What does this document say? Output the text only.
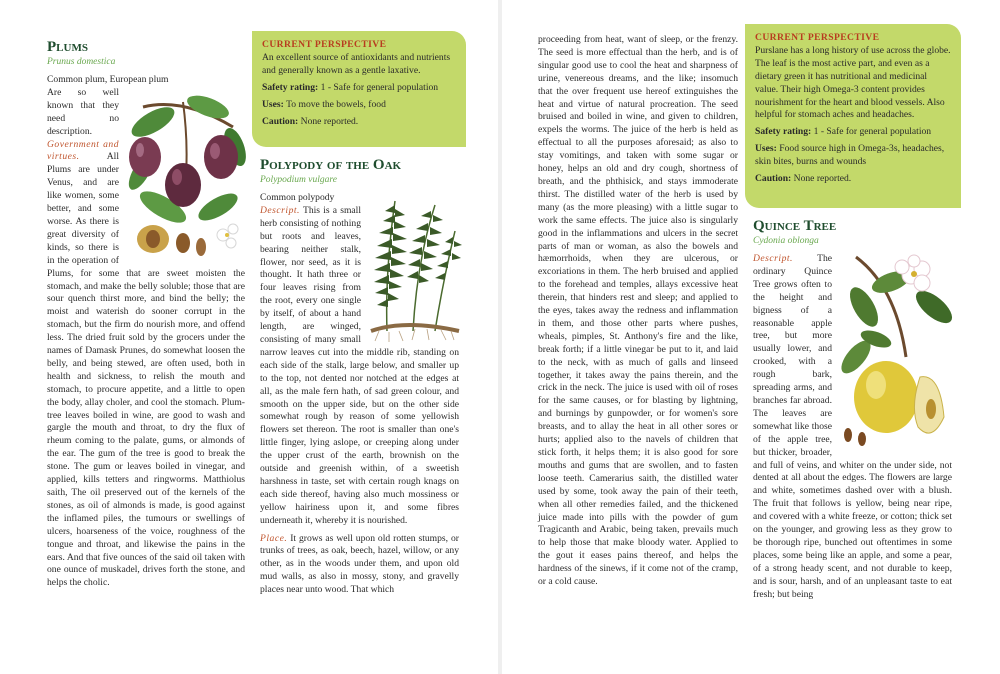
Plums
Prunus domestica

Common plum, European plum

Are so well known that they need no description.
Government and virtues.	All Plums are under Venus, and are like women, some better, and some worse. As there is great diversity of kinds, so there is in the operation of Plums, for some that are sweet moisten the stomach, and make the belly soluble; those that are sour quench thirst more, and bind the belly; the moist and waterish do sooner corrupt in the stomach, but the firm do nourish more, and offend less. The dried fruit sold by the grocers under the names of Damask Prunes, do somewhat loosen the belly, and being stewed, are often used, both in health and sickness, to relish the mouth and stomach, to procure appetite, and a little to open the body, allay choler, and cool the stomach. Plum-tree leaves boiled in wine, are good to wash and gargle the mouth and throat, to dry the flux of rheum coming to the palate, gums, or almonds of the ear. The gum of the tree is good to break the stone. The gum or leaves boiled in vinegar, and applied, kills tetters and ringworms. Matthiolus saith, The oil preserved out of the kernels of the stones, as oil of almonds is made, is good against the inflamed piles, the tumours or swellings of ulcers, hoarseness of the voice, roughness of the tongue and throat, and likewise the pains in the ears. And that five ounces of the said oil taken with one ounce of muskadel, drives forth the stone, and helps the cholic.

CURRENT PERSPECTIVE

An excellent source of antioxidants and nutrients and generally known as a gentle laxative.

Safety rating: 1 - Safe for general population

Uses: To move the bowels, food

Caution: None reported.

Polypody of the Oak
Polypodium vulgare

Common polypody

Descript. This is a small herb consisting of nothing but roots and leaves, bearing neither stalk, flower, nor seed, as it is thought. It hath three or four leaves rising from the root, every one single by itself, of about a hand length, are winged, consisting of many small narrow leaves cut into the middle rib, standing on each side of the stalk, large below, and smaller up to the top, not dented nor notched at the edges at all, as the male fern hath, of sad green colour, and smooth on the upper side, but on the other side somewhat rough by reason of some yellowish flowers set thereon. The root is smaller than one's little finger, lying aslope, or creeping along under the upper crust of the earth, brownish on the outside and greenish within, of a sweetish harshness in taste, set with certain rough knags on each side thereof, having also much mossiness or yellow hairiness upon it, and some fibres underneath it, whereby it is nourished.

Place. It grows as well upon old rotten stumps, or trunks of trees, as oak, beech, hazel, willow, or any other, as in the woods under them, and upon old mud walls, as also in mossy, stony, and gravelly places near unto wood. That which

proceeding from heat, want of sleep, or the frenzy. The seed is more effectual than the herb, and is of singular good use to cool the heat and sharpness of urine, venereous dreams, and the like; insomuch that the over frequent use hereof extinguishes the heat and virtue of natural procreation. The seed bruised and boiled in wine, and given to children, expels the worms. The juice of the herb is held as effectual to all the purposes aforesaid; as also to stay vomitings, and taken with some sugar or honey, helps an old and dry cough, shortness of breath, and the phthisick, and stays immoderate thirst. The distilled water of the herb is used by many (as the more pleasing) with a little sugar to work the same effects. The juice also is singularly good in the inflammations and ulcers in the secret parts of man or woman, as also the bowels and hæmorrhoids, when they are ulcerous, or excoriations in them. The herb bruised and applied to the forehead and temples, allays excessive heat therein, that hinders rest and sleep; and applied to the eyes, takes away the redness and inflammation in them, and those other parts where pushes, wheals, pimples, St. Anthony's fire and the like, break forth; if a little vinegar be put to it, and laid to the neck, with as much of galls and linseed together, it takes away the pains therein, and the crick in the neck. The juice is used with oil of roses for the same causes, or for blasting by lightning, and burnings by gunpowder, or for women's sore breasts, and to allay the heat in all other sores or hurts; applied also to the navels of children that stick forth, it helps them; it is also good for sore mouths and gums that are swollen, and to fasten loose teeth. Camerarius saith, the distilled water used by some, took away the pain of their teeth, when all other remedies failed, and the thickened juice made into pills with the powder of gum Tragicanth and Arabic, being taken, prevails much to help those that make bloody water. Applied to the gout it eases pains thereof, and helps the hardness of the sinews, if it come not of the cramp, or a cold cause.

CURRENT PERSPECTIVE

Purslane has a long history of use across the globe. The leaf is the most active part, and even as a dietary green it has nutritional and medicinal value. Their high Omega-3 content provides nourishment for the heart and blood vessels. Also helpful for stomach aches and headaches.

Safety rating: 1 - Safe for general population

Uses: Food source high in Omega-3s, headaches, skin bites, burns and wounds

Caution: None reported.

Quince Tree
Cydonia oblonga

Descript.	The ordinary Quince Tree grows often to the height and bigness of a reasonable apple tree, but more usually lower, and crooked, with a rough bark, spreading arms, and branches far abroad. The leaves are somewhat like those of the apple tree, but thicker, broader, and full of veins, and whiter on the under side, not dented at all about the edges. The flowers are large and white, sometimes dashed over with a blush. The fruit that follows is yellow, being near ripe, and covered with a white freeze, or cotton; thick set on the younger, and growing less as they grow to be thorough ripe, bunched out oftentimes in some places, some being like an apple, and some a pear, of a strong heady scent, and not durable to keep, and is sour, harsh, and of an unpleasant taste to eat fresh; but being
